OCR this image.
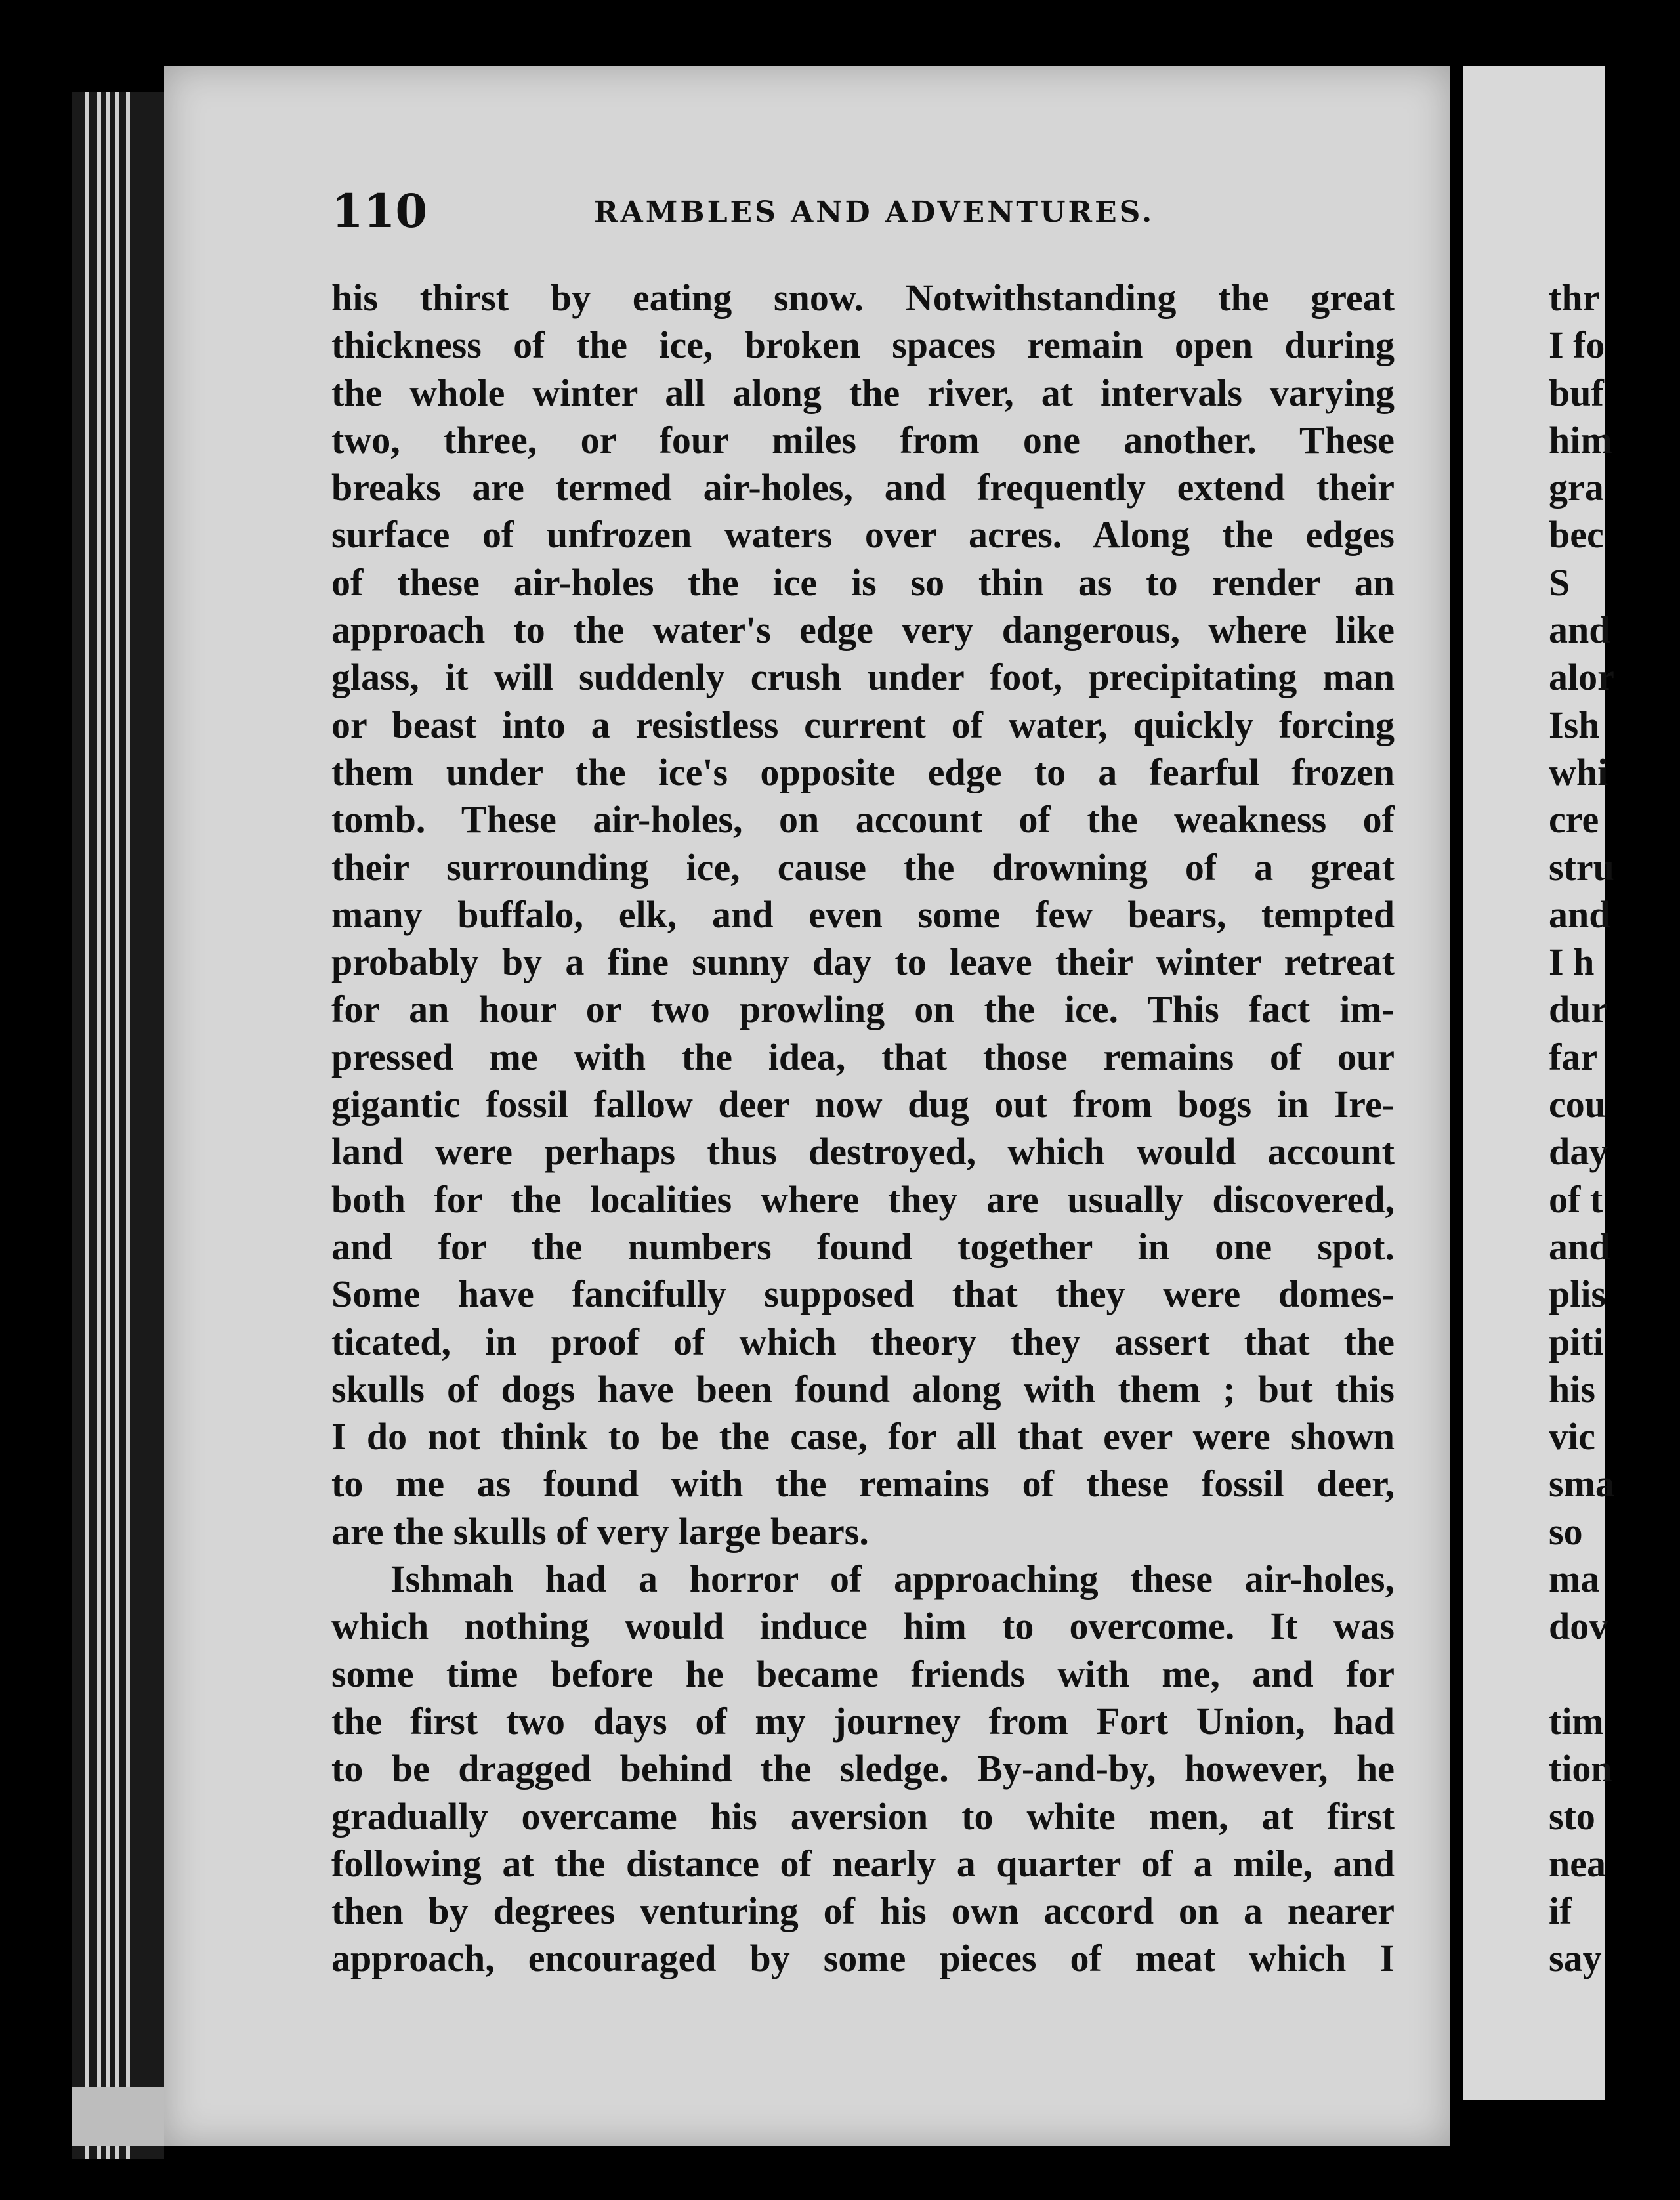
110	RAMBLES AND ADVENTURES.
his thirst by eating snow. Notwithstanding the great
thickness of the ice, broken spaces remain open during
the whole winter all along the river, at intervals varying
two, three, or four miles from one another. These
breaks are termed air-holes, and frequently extend their
surface of unfrozen waters over acres. Along the edges
of these air-holes the ice is so thin as to render an
approach to the water's edge very dangerous, where like
glass, it will suddenly crush under foot, precipitating man
or beast into a resistless current of water, quickly forcing
them under the ice's opposite edge to a fearful frozen
tomb. These air-holes, on account of the weakness of
their surrounding ice, cause the drowning of a great
many buffalo, elk, and even some few bears, tempted
probably by a fine sunny day to leave their winter retreat
for an hour or two prowling on the ice. This fact im-
pressed me with the idea, that those remains of our
gigantic fossil fallow deer now dug out from bogs in Ire-
land were perhaps thus destroyed, which would account
both for the localities where they are usually discovered,
and for the numbers found together in one spot.
Some have fancifully supposed that they were domes-
ticated, in proof of which theory they assert that the
skulls of dogs have been found along with them ; but this
I do not think to be the case, for all that ever were shown
to me as found with the remains of these fossil deer,
are the skulls of very large bears.
Ishmah had a horror of approaching these air-holes,
which nothing would induce him to overcome. It was
some time before he became friends with me, and for
the first two days of my journey from Fort Union, had
to be dragged behind the sledge. By-and-by, however, he
gradually overcame his aversion to white men, at first
following at the distance of nearly a quarter of a mile, and
then by degrees venturing of his own accord on a nearer
approach, encouraged by some pieces of meat which I
thr
I fo
buf
him
gra
bec
S
and
alor
Ish
whi
cre
stru
and
I h
dur
far
cou
day
of t
and
plis
piti
his
vic
sma
so
ma
dov

tim
tion
sto
nea
if
say
